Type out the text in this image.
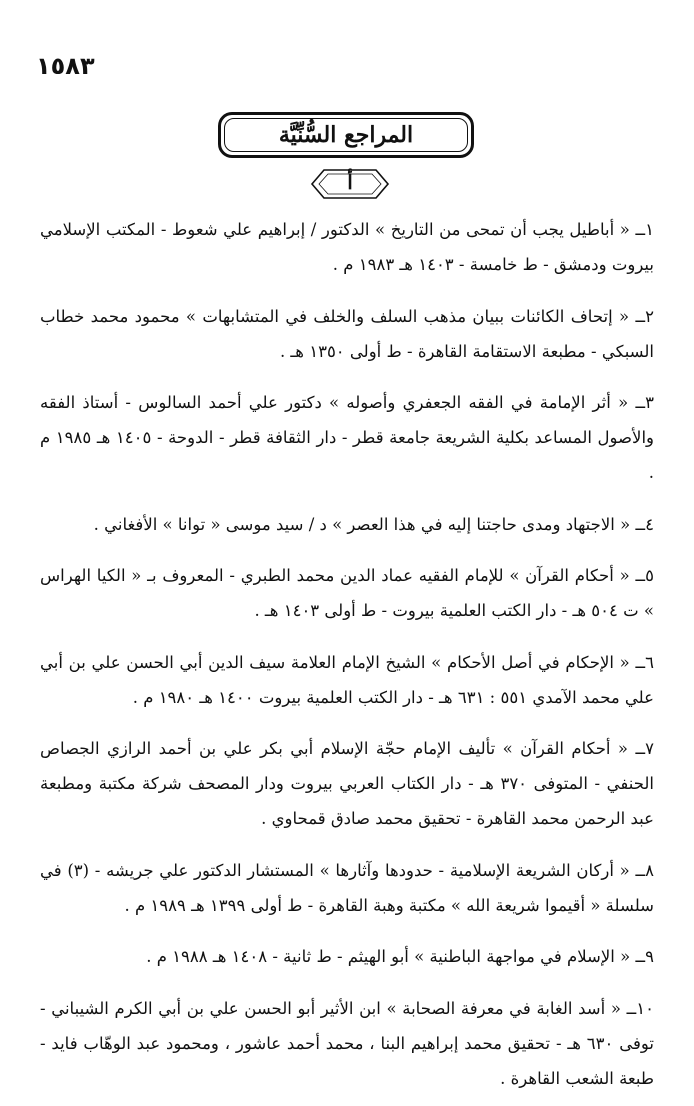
١٥٨٣
المراجع السُّنِّيَّة
أ

١ــ « أباطيل يجب أن تمحى من التاريخ » الدكتور / إبراهيم علي شعوط - المكتب الإسلامي بيروت ودمشق - ط خامسة - ١٤٠٣ هـ ١٩٨٣ م .

٢ــ « إتحاف الكائنات ببيان مذهب السلف والخلف في المتشابهات » محمود محمد خطاب السبكي - مطبعة الاستقامة القاهرة - ط أولى ١٣٥٠ هـ .

٣ــ « أثر الإمامة في الفقه الجعفري وأصوله » دكتور علي أحمد السالوس - أستاذ الفقه والأصول المساعد بكلية الشريعة جامعة قطر - دار الثقافة قطر - الدوحة - ١٤٠٥ هـ ١٩٨٥ م .

٤ــ « الاجتهاد ومدى حاجتنا إليه في هذا العصر » د / سيد موسى « توانا » الأفغاني .

٥ــ « أحكام القرآن » للإمام الفقيه عماد الدين محمد الطبري - المعروف بـ « الكيا الهراس » ت ٥٠٤ هـ - دار الكتب العلمية بيروت - ط أولى ١٤٠٣ هـ .

٦ــ « الإحكام في أصل الأحكام » الشيخ الإمام العلامة سيف الدين أبي الحسن علي بن أبي علي محمد الآمدي ٥٥١ : ٦٣١ هـ - دار الكتب العلمية بيروت ١٤٠٠ هـ ١٩٨٠ م .

٧ــ « أحكام القرآن » تأليف الإمام حجّة الإسلام أبي بكر علي بن أحمد الرازي الجصاص الحنفي - المتوفى ٣٧٠ هـ - دار الكتاب العربي بيروت ودار المصحف شركة مكتبة ومطبعة عبد الرحمن محمد القاهرة - تحقيق محمد صادق قمحاوي .

٨ــ « أركان الشريعة الإسلامية - حدودها وآثارها » المستشار الدكتور علي جريشه - (٣) في سلسلة « أقيموا شريعة الله » مكتبة وهبة القاهرة - ط أولى ١٣٩٩ هـ ١٩٨٩ م .

٩ــ « الإسلام في مواجهة الباطنية » أبو الهيثم - ط ثانية - ١٤٠٨ هـ ١٩٨٨ م .

١٠ــ « أسد الغابة في معرفة الصحابة » ابن الأثير أبو الحسن علي بن أبي الكرم الشيباني - توفى ٦٣٠ هـ - تحقيق محمد إبراهيم البنا ، محمد أحمد عاشور ، ومحمود عبد الوهّاب فايد - طبعة الشعب القاهرة .
